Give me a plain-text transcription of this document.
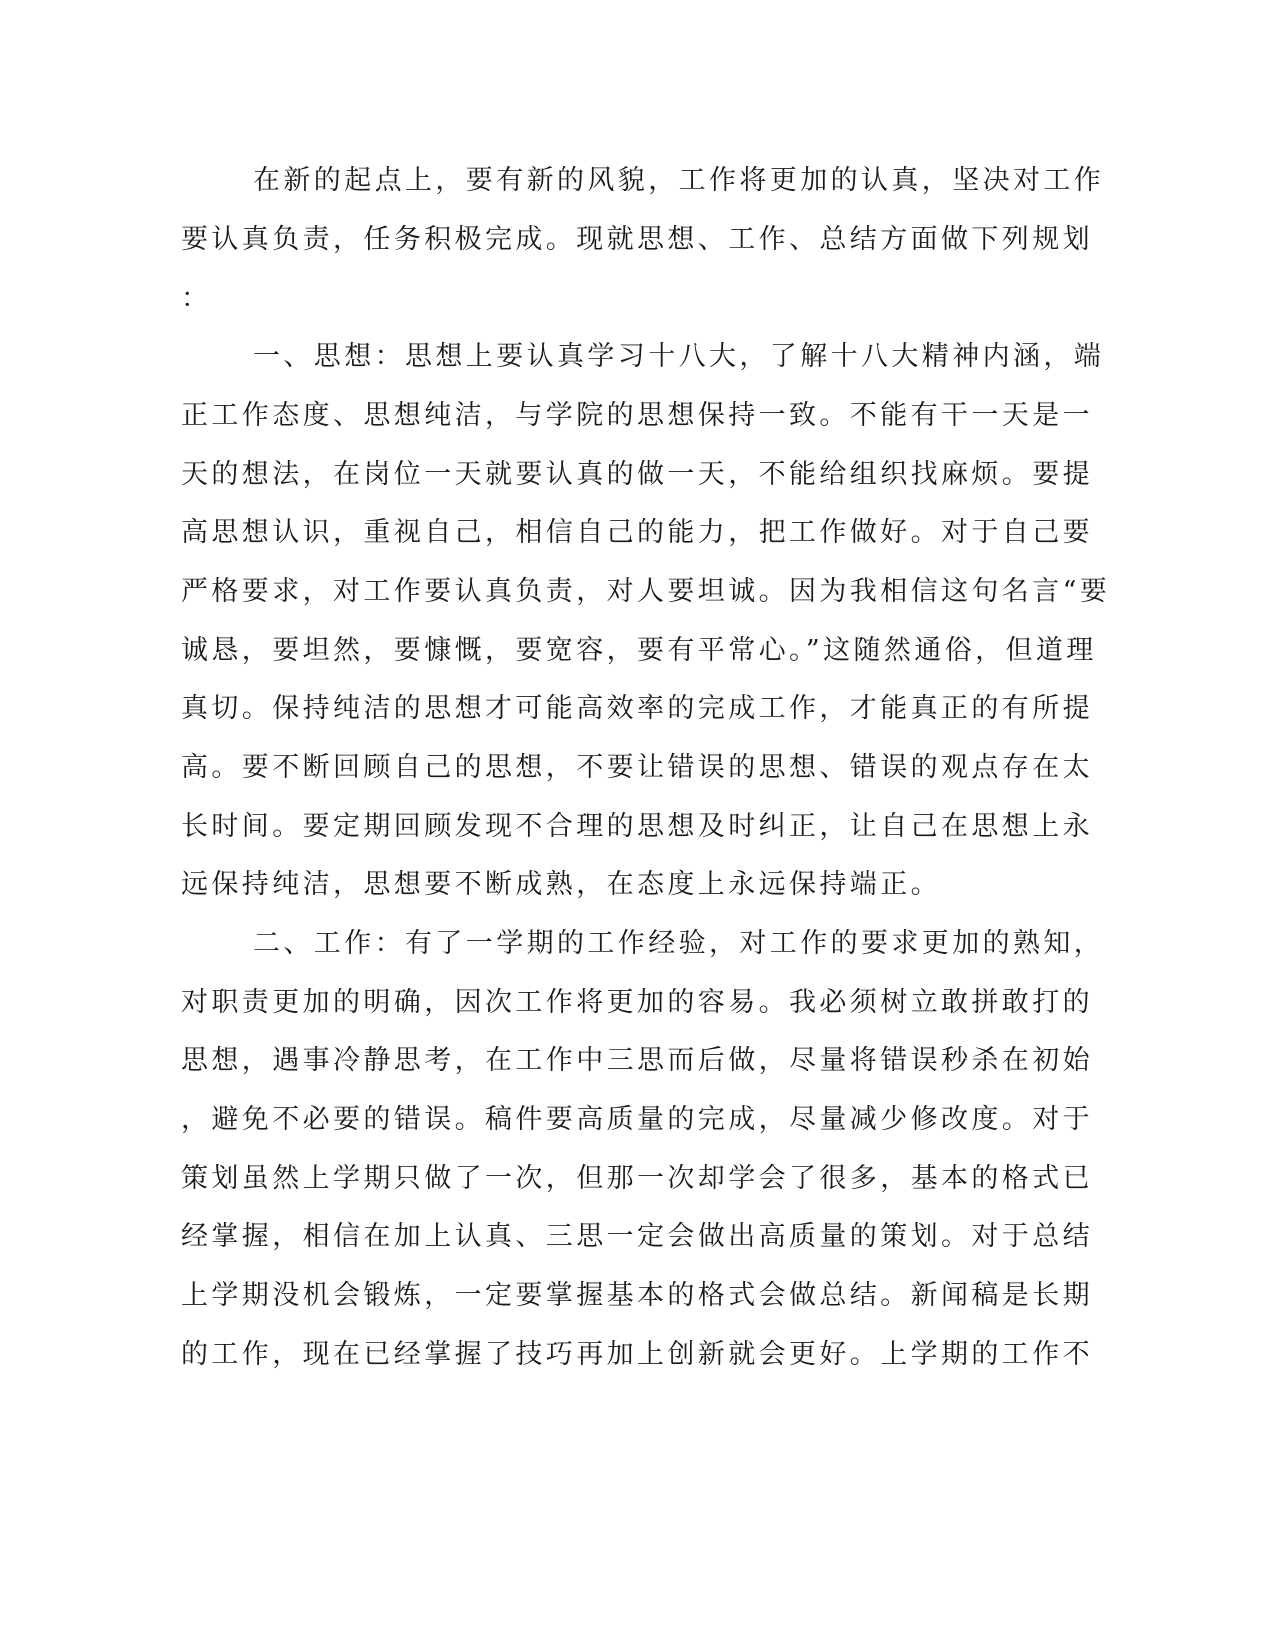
在新的起点上，要有新的风貌，工作将更加的认真，坚决对工作
要认真负责，任务积极完成。现就思想、工作、总结方面做下列规划
：
一、思想：思想上要认真学习十八大，了解十八大精神内涵，端
正工作态度、思想纯洁，与学院的思想保持一致。不能有干一天是一
天的想法，在岗位一天就要认真的做一天，不能给组织找麻烦。要提
高思想认识，重视自己，相信自己的能力，把工作做好。对于自己要
严格要求，对工作要认真负责，对人要坦诚。因为我相信这句名言“要
诚恳，要坦然，要慷慨，要宽容，要有平常心。”这随然通俗，但道理
真切。保持纯洁的思想才可能高效率的完成工作，才能真正的有所提
高。要不断回顾自己的思想，不要让错误的思想、错误的观点存在太
长时间。要定期回顾发现不合理的思想及时纠正，让自己在思想上永
远保持纯洁，思想要不断成熟，在态度上永远保持端正。
二、工作：有了一学期的工作经验，对工作的要求更加的熟知，
对职责更加的明确，因次工作将更加的容易。我必须树立敢拼敢打的
思想，遇事冷静思考，在工作中三思而后做，尽量将错误秒杀在初始
，避免不必要的错误。稿件要高质量的完成，尽量减少修改度。对于
策划虽然上学期只做了一次，但那一次却学会了很多，基本的格式已
经掌握，相信在加上认真、三思一定会做出高质量的策划。对于总结
上学期没机会锻炼，一定要掌握基本的格式会做总结。新闻稿是长期
的工作，现在已经掌握了技巧再加上创新就会更好。上学期的工作不
